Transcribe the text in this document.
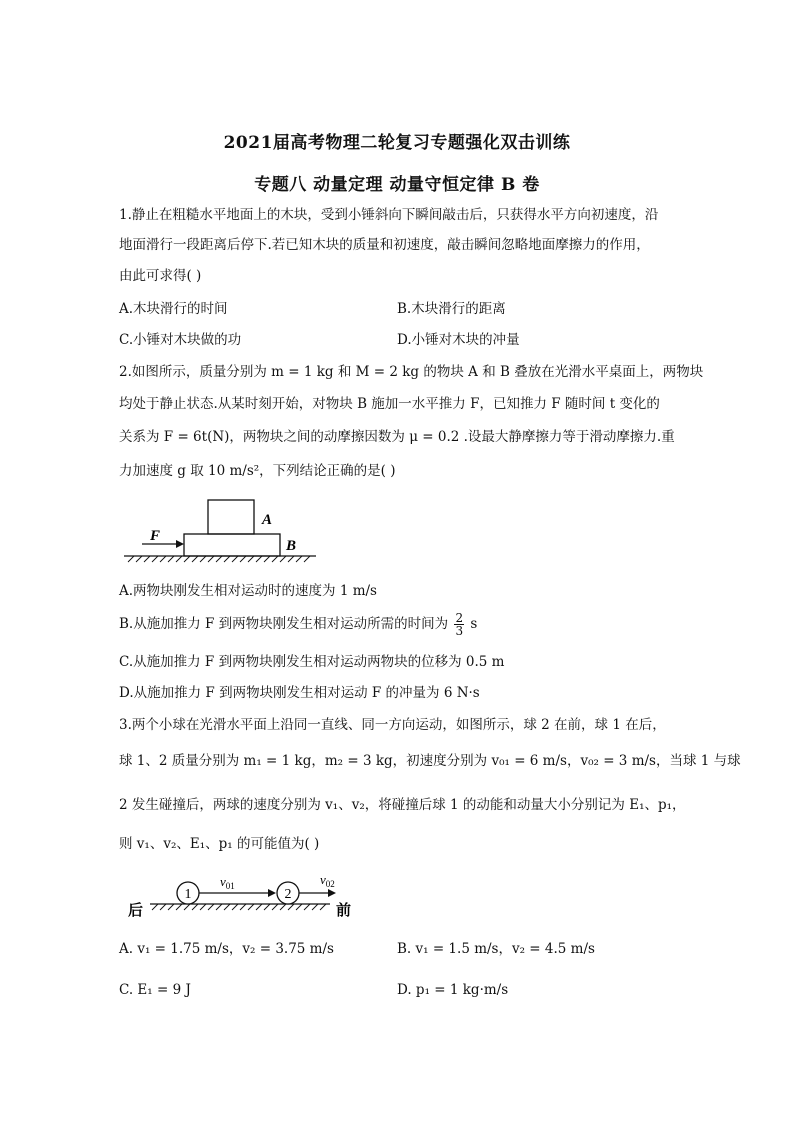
2021届高考物理二轮复习专题强化双击训练
专题八 动量定理 动量守恒定律 B 卷
1.静止在粗糙水平地面上的木块，受到小锤斜向下瞬间敲击后，只获得水平方向初速度，沿
地面滑行一段距离后停下.若已知木块的质量和初速度，敲击瞬间忽略地面摩擦力的作用，
由此可求得( )
A.木块滑行的时间	B.木块滑行的距离
C.小锤对木块做的功	D.小锤对木块的冲量
2.如图所示，质量分别为 m = 1 kg 和 M = 2 kg 的物块 A 和 B 叠放在光滑水平桌面上，两物块
均处于静止状态.从某时刻开始，对物块 B 施加一水平推力 F，已知推力 F 随时间 t 变化的
关系为 F = 6t(N)，两物块之间的动摩擦因数为 μ = 0.2 .设最大静摩擦力等于滑动摩擦力.重
力加速度 g 取 10 m/s²，下列结论正确的是( )
F
A
B
A.两物块刚发生相对运动时的速度为 1 m/s
B.从施加推力 F 到两物块刚发生相对运动所需的时间为 $\frac{2}{3}$ s
C.从施加推力 F 到两物块刚发生相对运动两物块的位移为 0.5 m
D.从施加推力 F 到两物块刚发生相对运动 F 的冲量为 6 N·s
3.两个小球在光滑水平面上沿同一直线、同一方向运动，如图所示，球 2 在前，球 1 在后，
球 1、2 质量分别为 m₁ = 1 kg，m₂ = 3 kg，初速度分别为 v₀₁ = 6 m/s，v₀₂ = 3 m/s，当球 1 与球
2 发生碰撞后，两球的速度分别为 v₁、v₂，将碰撞后球 1 的动能和动量大小分别记为 E₁、p₁，
则 v₁、v₂、E₁、p₁ 的可能值为( )
1
$v_{01}$
2
$v_{02}$
后	前
A. v₁ = 1.75 m/s，v₂ = 3.75 m/s	B. v₁ = 1.5 m/s，v₂ = 4.5 m/s
C. E₁ = 9 J	D. p₁ = 1 kg·m/s
